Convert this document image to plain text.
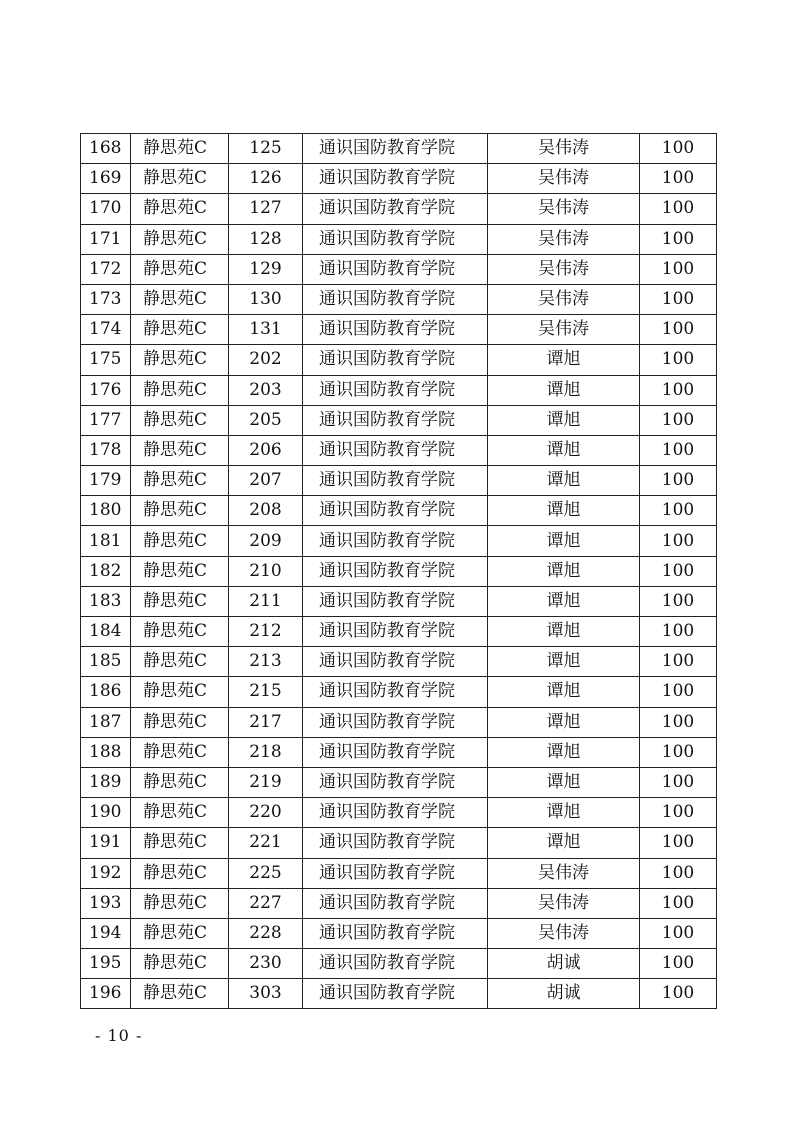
168	静思苑C	125	通识国防教育学院	吴伟涛	100
169	静思苑C	126	通识国防教育学院	吴伟涛	100
170	静思苑C	127	通识国防教育学院	吴伟涛	100
171	静思苑C	128	通识国防教育学院	吴伟涛	100
172	静思苑C	129	通识国防教育学院	吴伟涛	100
173	静思苑C	130	通识国防教育学院	吴伟涛	100
174	静思苑C	131	通识国防教育学院	吴伟涛	100
175	静思苑C	202	通识国防教育学院	谭旭	100
176	静思苑C	203	通识国防教育学院	谭旭	100
177	静思苑C	205	通识国防教育学院	谭旭	100
178	静思苑C	206	通识国防教育学院	谭旭	100
179	静思苑C	207	通识国防教育学院	谭旭	100
180	静思苑C	208	通识国防教育学院	谭旭	100
181	静思苑C	209	通识国防教育学院	谭旭	100
182	静思苑C	210	通识国防教育学院	谭旭	100
183	静思苑C	211	通识国防教育学院	谭旭	100
184	静思苑C	212	通识国防教育学院	谭旭	100
185	静思苑C	213	通识国防教育学院	谭旭	100
186	静思苑C	215	通识国防教育学院	谭旭	100
187	静思苑C	217	通识国防教育学院	谭旭	100
188	静思苑C	218	通识国防教育学院	谭旭	100
189	静思苑C	219	通识国防教育学院	谭旭	100
190	静思苑C	220	通识国防教育学院	谭旭	100
191	静思苑C	221	通识国防教育学院	谭旭	100
192	静思苑C	225	通识国防教育学院	吴伟涛	100
193	静思苑C	227	通识国防教育学院	吴伟涛	100
194	静思苑C	228	通识国防教育学院	吴伟涛	100
195	静思苑C	230	通识国防教育学院	胡诚	100
196	静思苑C	303	通识国防教育学院	胡诚	100
- 10 -
